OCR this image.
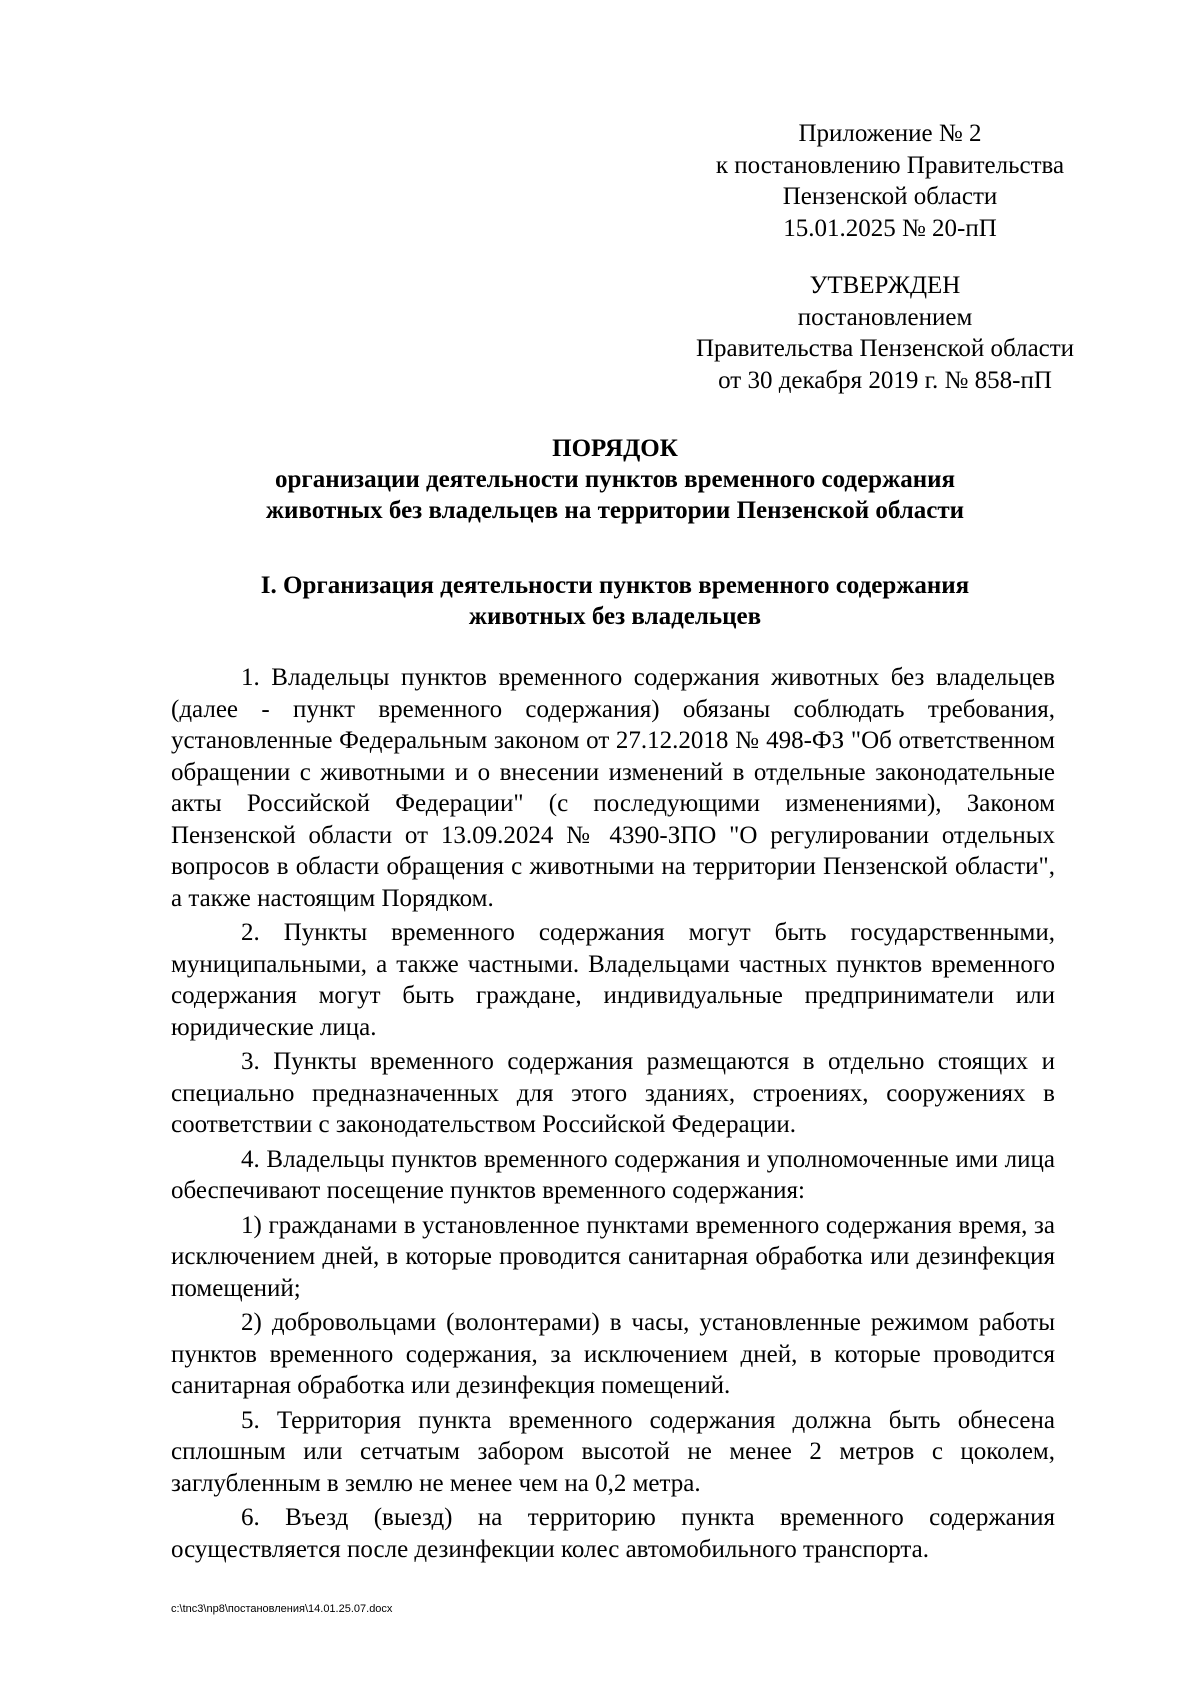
Приложение № 2
к постановлению Правительства
Пензенской области
15.01.2025 № 20-пП
УТВЕРЖДЕН
постановлением
Правительства Пензенской области
от 30 декабря 2019 г. № 858-пП
ПОРЯДОК
организации деятельности пунктов временного содержания
животных без владельцев на территории Пензенской области
I. Организация деятельности пунктов временного содержания
животных без владельцев

1. Владельцы пунктов временного содержания животных без владельцев (далее - пункт временного содержания) обязаны соблюдать требования, установленные Федеральным законом от 27.12.2018 № 498-ФЗ "Об ответственном обращении с животными и о внесении изменений в отдельные законодательные акты Российской Федерации" (с последующими изменениями), Законом Пензенской области от 13.09.2024 № 4390-ЗПО "О регулировании отдельных вопросов в области обращения с животными на территории Пензенской области", а также настоящим Порядком.

2. Пункты временного содержания могут быть государственными, муниципальными, а также частными. Владельцами частных пунктов временного содержания могут быть граждане, индивидуальные предприниматели или юридические лица.

3. Пункты временного содержания размещаются в отдельно стоящих и специально предназначенных для этого зданиях, строениях, сооружениях в соответствии с законодательством Российской Федерации.

4. Владельцы пунктов временного содержания и уполномоченные ими лица обеспечивают посещение пунктов временного содержания:

1) гражданами в установленное пунктами временного содержания время, за исключением дней, в которые проводится санитарная обработка или дезинфекция помещений;

2) добровольцами (волонтерами) в часы, установленные режимом работы пунктов временного содержания, за исключением дней, в которые проводится санитарная обработка или дезинфекция помещений.

5. Территория пункта временного содержания должна быть обнесена сплошным или сетчатым забором высотой не менее 2 метров с цоколем, заглубленным в землю не менее чем на 0,2 метра.

6. Въезд (выезд) на территорию пункта временного содержания осуществляется после дезинфекции колес автомобильного транспорта.

c:\tnc3\np8\постановления\14.01.25.07.docx
